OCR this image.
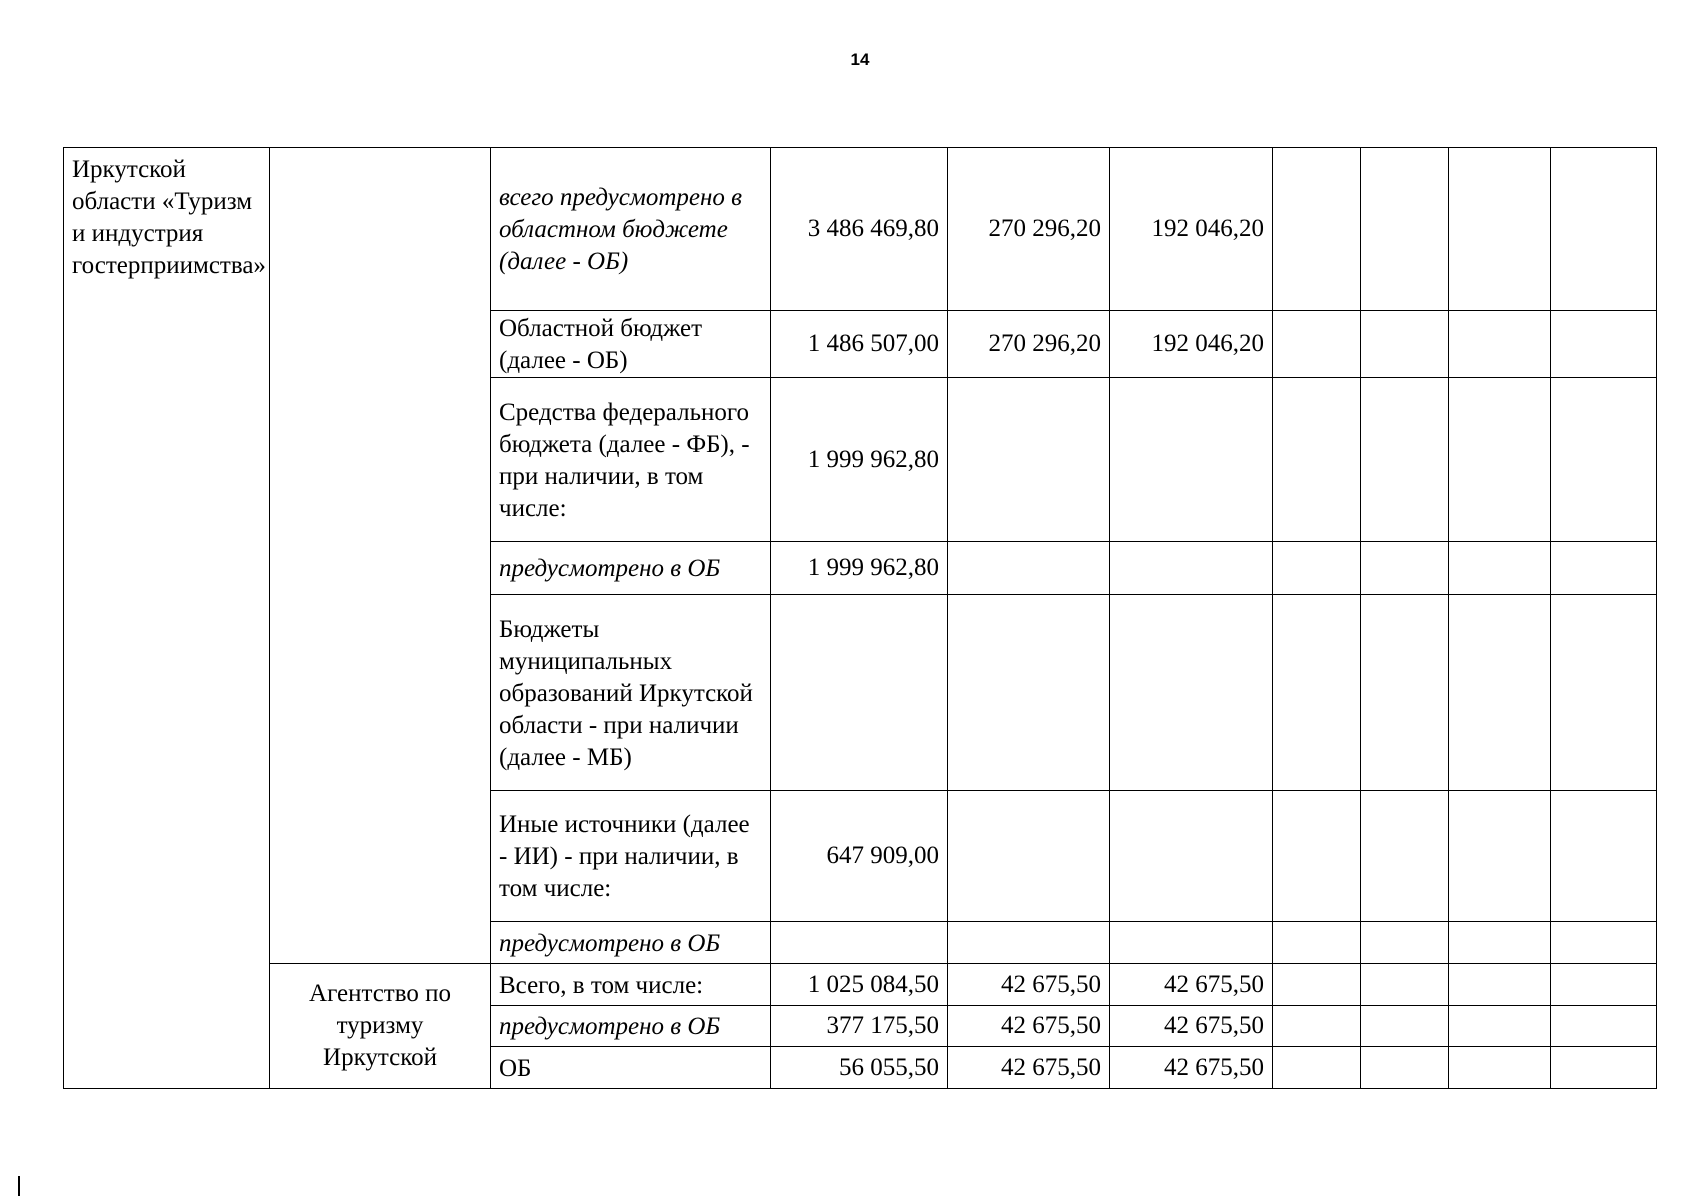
14
Иркутской области «Туризм и индустрия гостерприимства»		всего предусмотрено в областном бюджете (далее - ОБ)	3 486 469,80	270 296,20	192 046,20				
		Областной бюджет (далее - ОБ)	1 486 507,00	270 296,20	192 046,20				
		Средства федерального бюджета (далее - ФБ), - при наличии, в том числе:	1 999 962,80						
		предусмотрено в ОБ	1 999 962,80						
		Бюджеты муниципальных образований Иркутской области - при наличии (далее - МБ)							
		Иные источники (далее - ИИ) - при наличии, в том числе:	647 909,00						
		предусмотрено в ОБ							
	Агентство по туризму Иркутской	Всего, в том числе:	1 025 084,50	42 675,50	42 675,50				
		предусмотрено в ОБ	377 175,50	42 675,50	42 675,50				
		ОБ	56 055,50	42 675,50	42 675,50				
